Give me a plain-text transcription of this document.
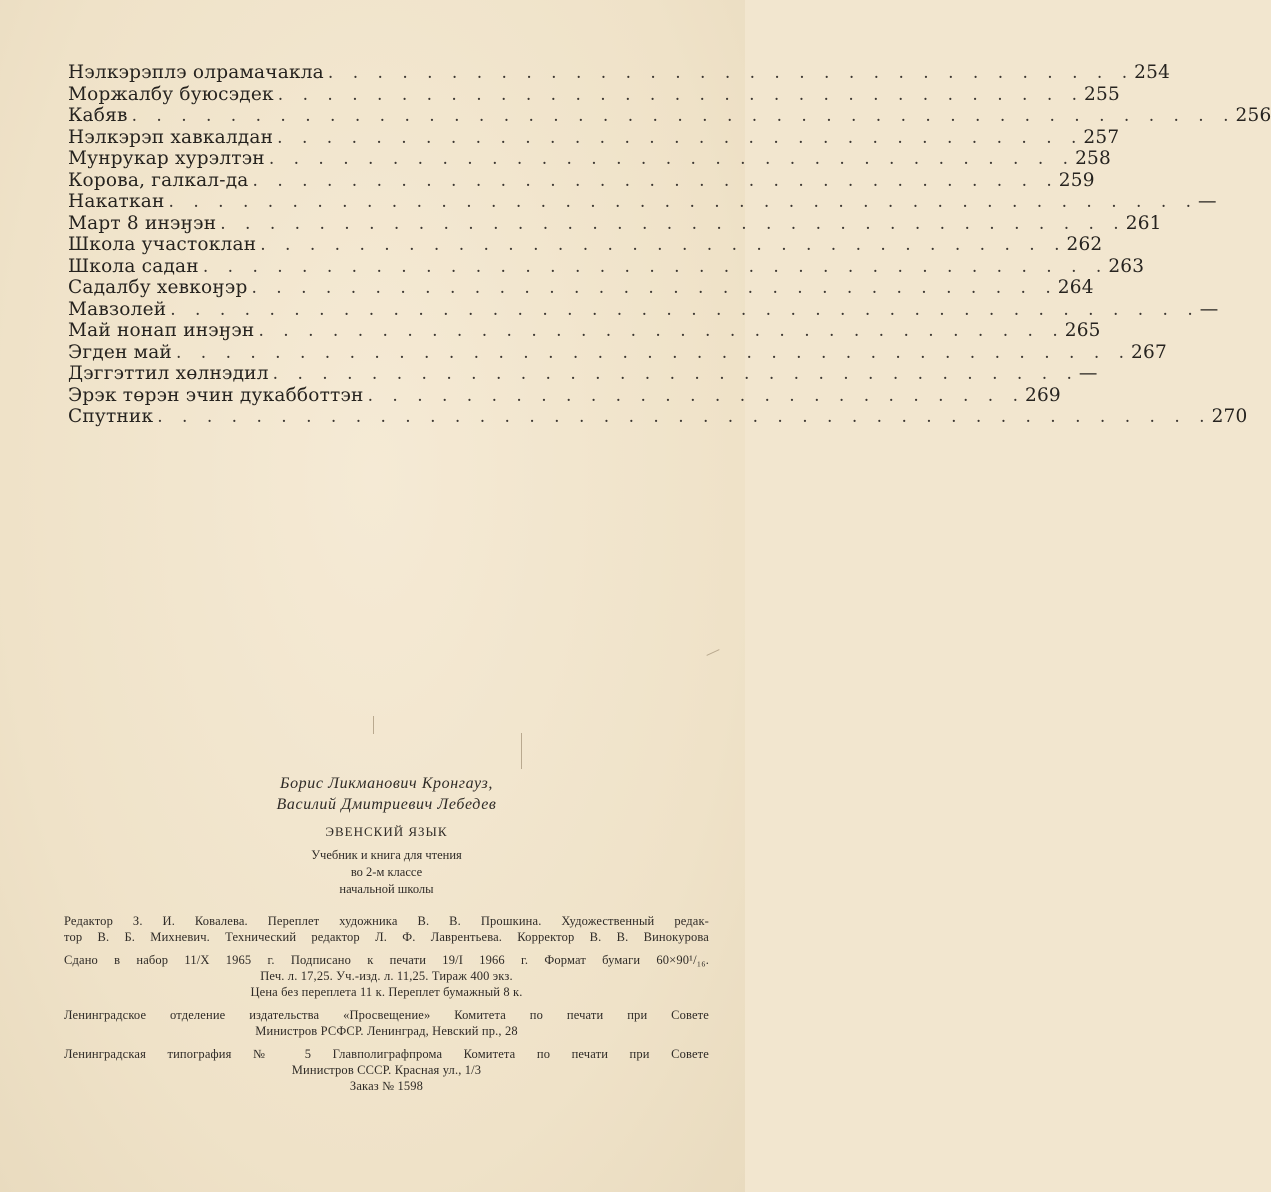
Нэлкэрэплэ олрамачакла . . . . . . . . . . . . . . . . . . . . . . . . . . . . . . . . . 254
Моржалбу буюсэдек . . . . . . . . . . . . . . . . . . . . . . . . . . . . . . . . . 255
Кабяв . . . . . . . . . . . . . . . . . . . . . . . . . . . . . . . . . . . . . . . . . . . . . 256
Нэлкэрэп хавкалдан . . . . . . . . . . . . . . . . . . . . . . . . . . . . . . . . . 257
Мунрукар хурэлтэн . . . . . . . . . . . . . . . . . . . . . . . . . . . . . . . . . 258
Корова, галкал-да . . . . . . . . . . . . . . . . . . . . . . . . . . . . . . . . . 259
Накаткан . . . . . . . . . . . . . . . . . . . . . . . . . . . . . . . . . . . . . . . . . . —
Март 8 инэӈэн . . . . . . . . . . . . . . . . . . . . . . . . . . . . . . . . . . . . . 261
Школа участоклан . . . . . . . . . . . . . . . . . . . . . . . . . . . . . . . . . 262
Школа садан . . . . . . . . . . . . . . . . . . . . . . . . . . . . . . . . . . . . . 263
Садалбу хевкоӈэр . . . . . . . . . . . . . . . . . . . . . . . . . . . . . . . . . 264
Мавзолей . . . . . . . . . . . . . . . . . . . . . . . . . . . . . . . . . . . . . . . . . . —
Май нонап инэӈэн . . . . . . . . . . . . . . . . . . . . . . . . . . . . . . . . . 265
Эгден май . . . . . . . . . . . . . . . . . . . . . . . . . . . . . . . . . . . . . . . 267
Дэггэттил хөлнэдил . . . . . . . . . . . . . . . . . . . . . . . . . . . . . . . . . —
Эрэк төрэн эчин дукабботтэн . . . . . . . . . . . . . . . . . . . . . . . . . . . 269
Спутник . . . . . . . . . . . . . . . . . . . . . . . . . . . . . . . . . . . . . . . . . . . 270
Борис Ликманович Кронгауз,
Василий Дмитриевич Лебедев
ЭВЕНСКИЙ ЯЗЫК
Учебник и книга для чтения
во 2-м классе
начальной школы
Редактор З. И. Ковалева. Переплет художника В. В. Прошкина. Художественный редак-
тор В. Б. Михневич. Технический редактор Л. Ф. Лаврентьева. Корректор В. В. Винокурова
Сдано в набор 11/X 1965 г. Подписано к печати 19/I 1966 г. Формат бумаги 60×90¹/₁₆.
Печ. л. 17,25. Уч.-изд. л. 11,25. Тираж 400 экз.
Цена без переплета 11 к. Переплет бумажный 8 к.
Ленинградское отделение издательства «Просвещение» Комитета по печати при Совете
Министров РСФСР. Ленинград, Невский пр., 28
Ленинградская типография № 5 Главполиграфпрома Комитета по печати при Совете
Министров СССР. Красная ул., 1/3
Заказ № 1598
